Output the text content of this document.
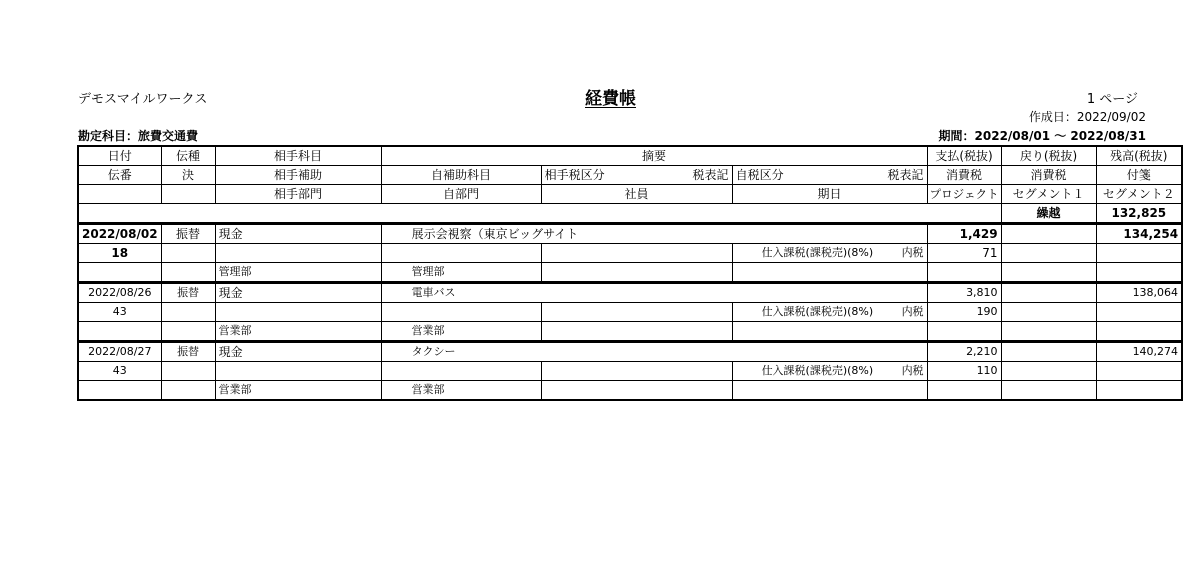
デモスマイルワークス	経費帳	1 ページ
作成日：2022/09/02
勘定科目：旅費交通費	期間：2022/08/01 ～ 2022/08/31
日付	伝種	相手科目	摘要			支払(税抜)	戻り(税抜)	残高(税抜)
伝番	決	相手補助	自補助科目	相手税区分 税表記	自税区分 税表記	消費税	消費税	付箋
		相手部門	自部門	社員	期日	プロジェクト	セグメント１	セグメント２
							繰越	132,825
2022/08/02	振替	現金	展示会視察（東京ビッグサイト			1,429		134,254
18					仕入課税(課税売)(8%) 内税	71		
		管理部	管理部					
2022/08/26	振替	現金	電車バス			3,810		138,064
43					仕入課税(課税売)(8%) 内税	190		
		営業部	営業部					
2022/08/27	振替	現金	タクシー			2,210		140,274
43					仕入課税(課税売)(8%) 内税	110		
		営業部	営業部					
